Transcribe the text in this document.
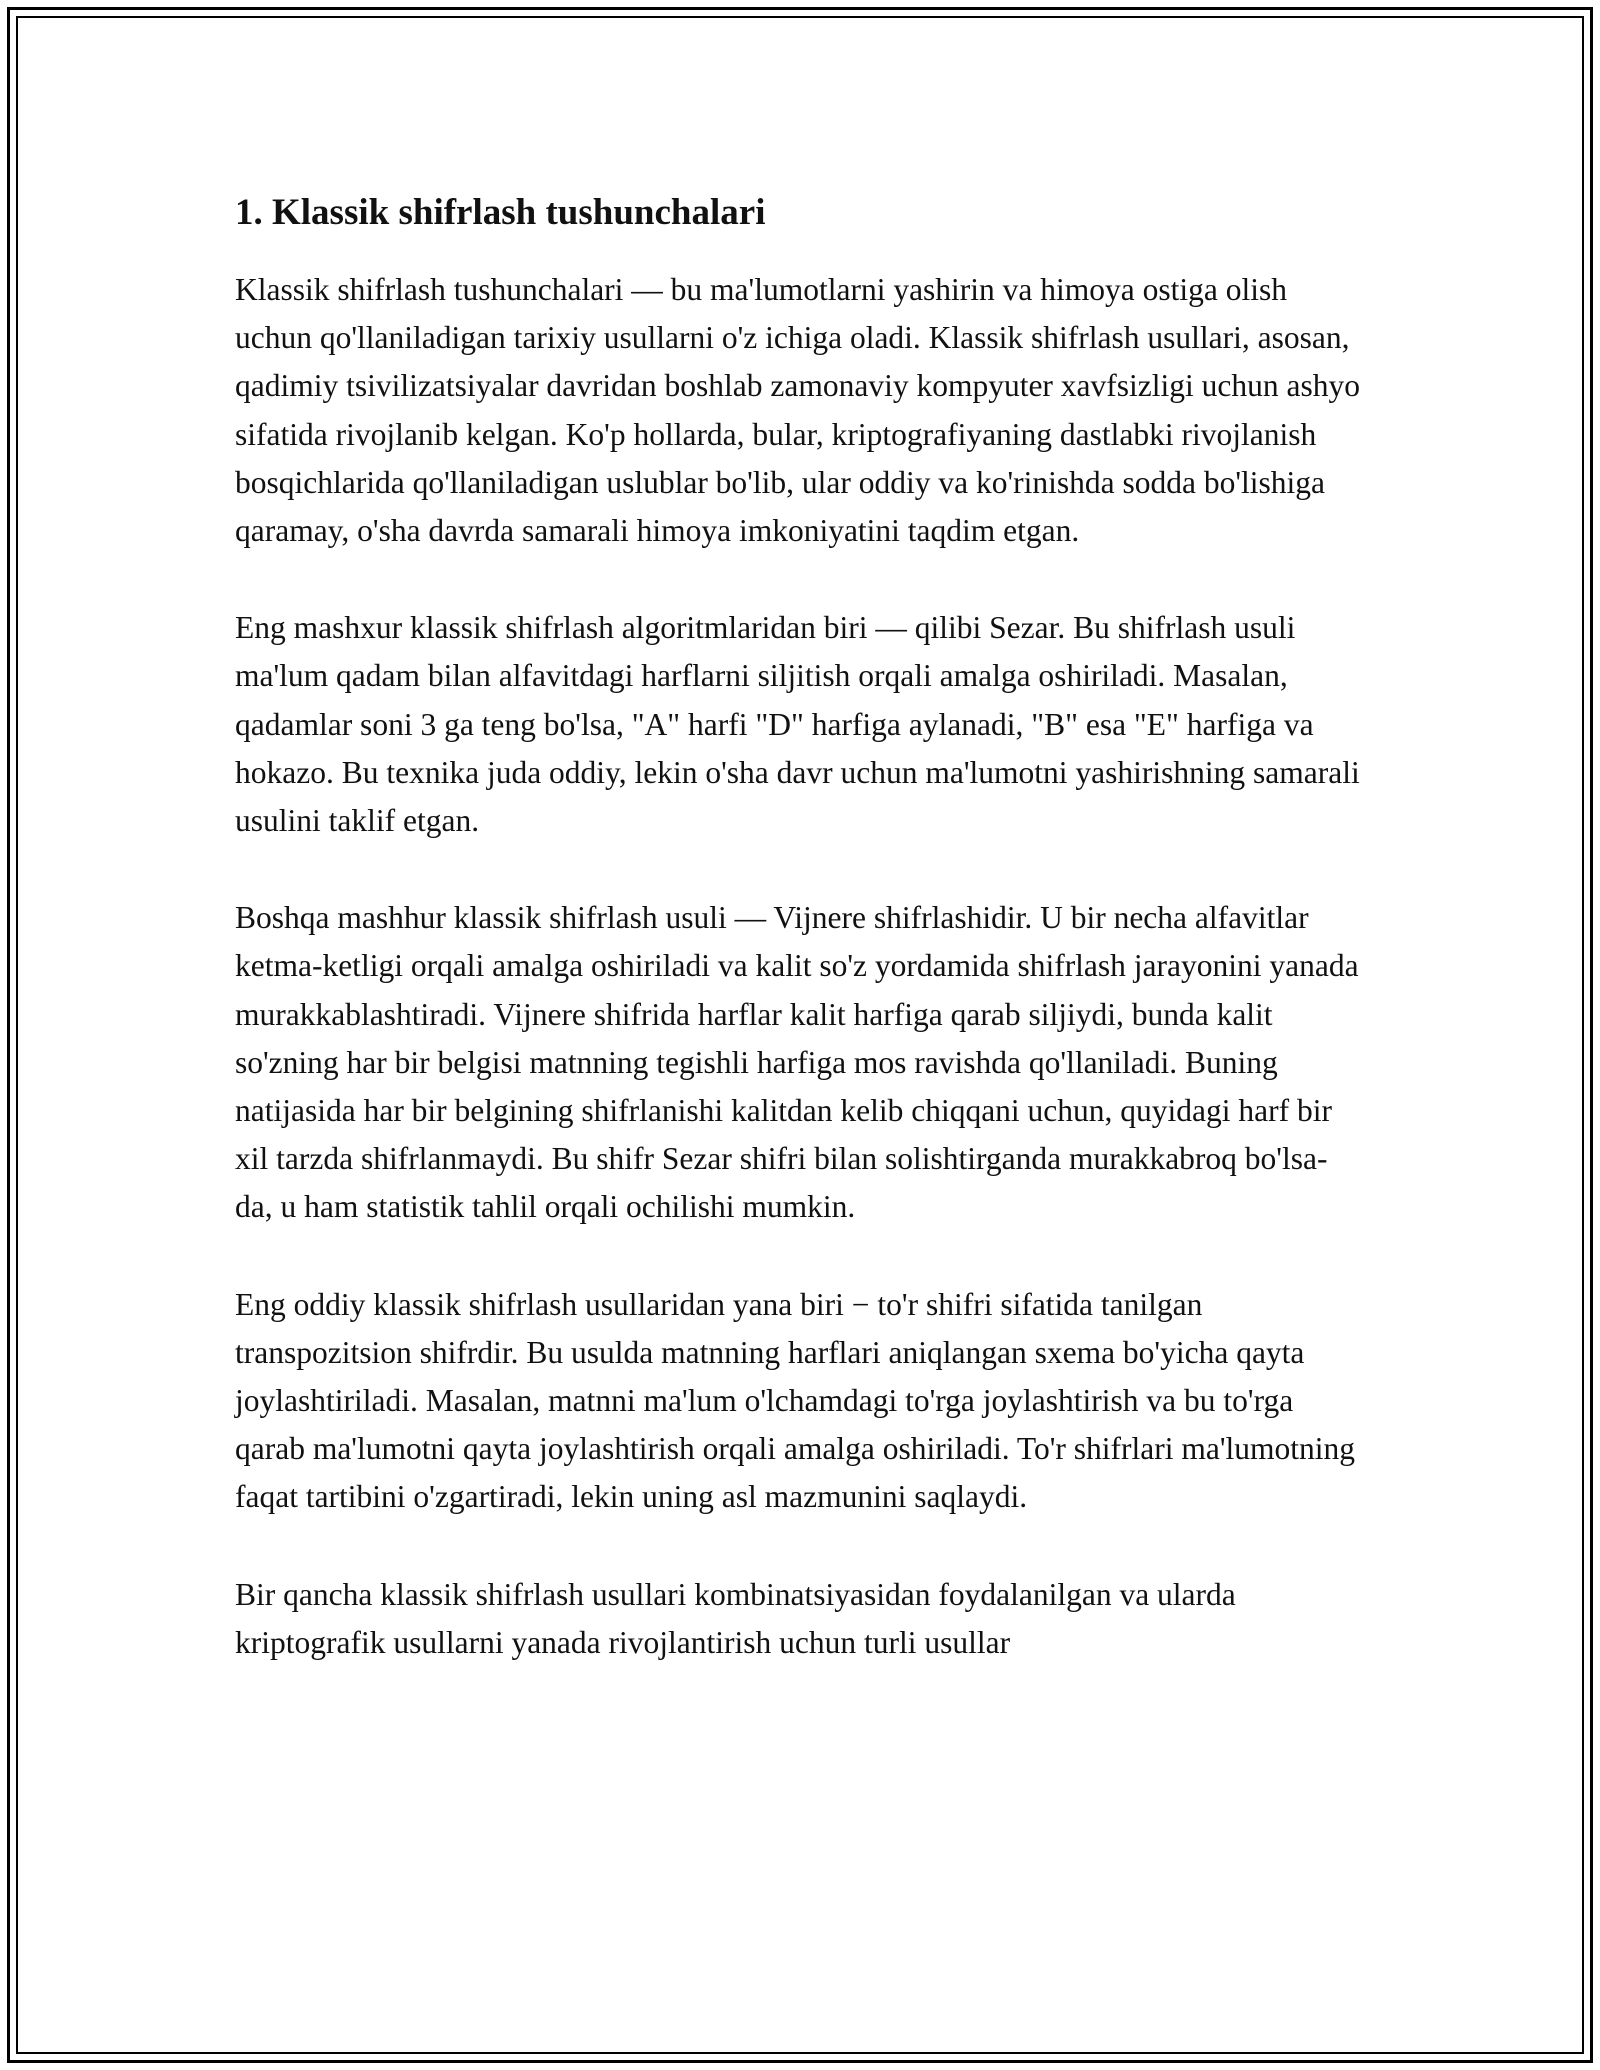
1. Klassik shifrlash tushunchalari

Klassik shifrlash tushunchalari — bu ma'lumotlarni yashirin va himoya ostiga olish uchun qo'llaniladigan tarixiy usullarni o'z ichiga oladi. Klassik shifrlash usullari, asosan, qadimiy tsivilizatsiyalar davridan boshlab zamonaviy kompyuter xavfsizligi uchun ashyo sifatida rivojlanib kelgan. Ko'p hollarda, bular, kriptografiyaning dastlabki rivojlanish bosqichlarida qo'llaniladigan uslublar bo'lib, ular oddiy va ko'rinishda sodda bo'lishiga qaramay, o'sha davrda samarali himoya imkoniyatini taqdim etgan.

Eng mashxur klassik shifrlash algoritmlaridan biri — qilibi Sezar. Bu shifrlash usuli ma'lum qadam bilan alfavitdagi harflarni siljitish orqali amalga oshiriladi. Masalan, qadamlar soni 3 ga teng bo'lsa, "A" harfi "D" harfiga aylanadi, "B" esa "E" harfiga va hokazo. Bu texnika juda oddiy, lekin o'sha davr uchun ma'lumotni yashirishning samarali usulini taklif etgan.

Boshqa mashhur klassik shifrlash usuli — Vijnere shifrlashidir. U bir necha alfavitlar ketma-ketligi orqali amalga oshiriladi va kalit so'z yordamida shifrlash jarayonini yanada murakkablashtiradi. Vijnere shifrida harflar kalit harfiga qarab siljiydi, bunda kalit so'zning har bir belgisi matnning tegishli harfiga mos ravishda qo'llaniladi. Buning natijasida har bir belgining shifrlanishi kalitdan kelib chiqqani uchun, quyidagi harf bir xil tarzda shifrlanmaydi. Bu shifr Sezar shifri bilan solishtirganda murakkabroq bo'lsa-da, u ham statistik tahlil orqali ochilishi mumkin.

Eng oddiy klassik shifrlash usullaridan yana biri − to'r shifri sifatida tanilgan transpozitsion shifrdir. Bu usulda matnning harflari aniqlangan sxema bo'yicha qayta joylashtiriladi. Masalan, matnni ma'lum o'lchamdagi to'rga joylashtirish va bu to'rga qarab ma'lumotni qayta joylashtirish orqali amalga oshiriladi. To'r shifrlari ma'lumotning faqat tartibini o'zgartiradi, lekin uning asl mazmunini saqlaydi.

Bir qancha klassik shifrlash usullari kombinatsiyasidan foydalanilgan va ularda kriptografik usullarni yanada rivojlantirish uchun turli usullar
